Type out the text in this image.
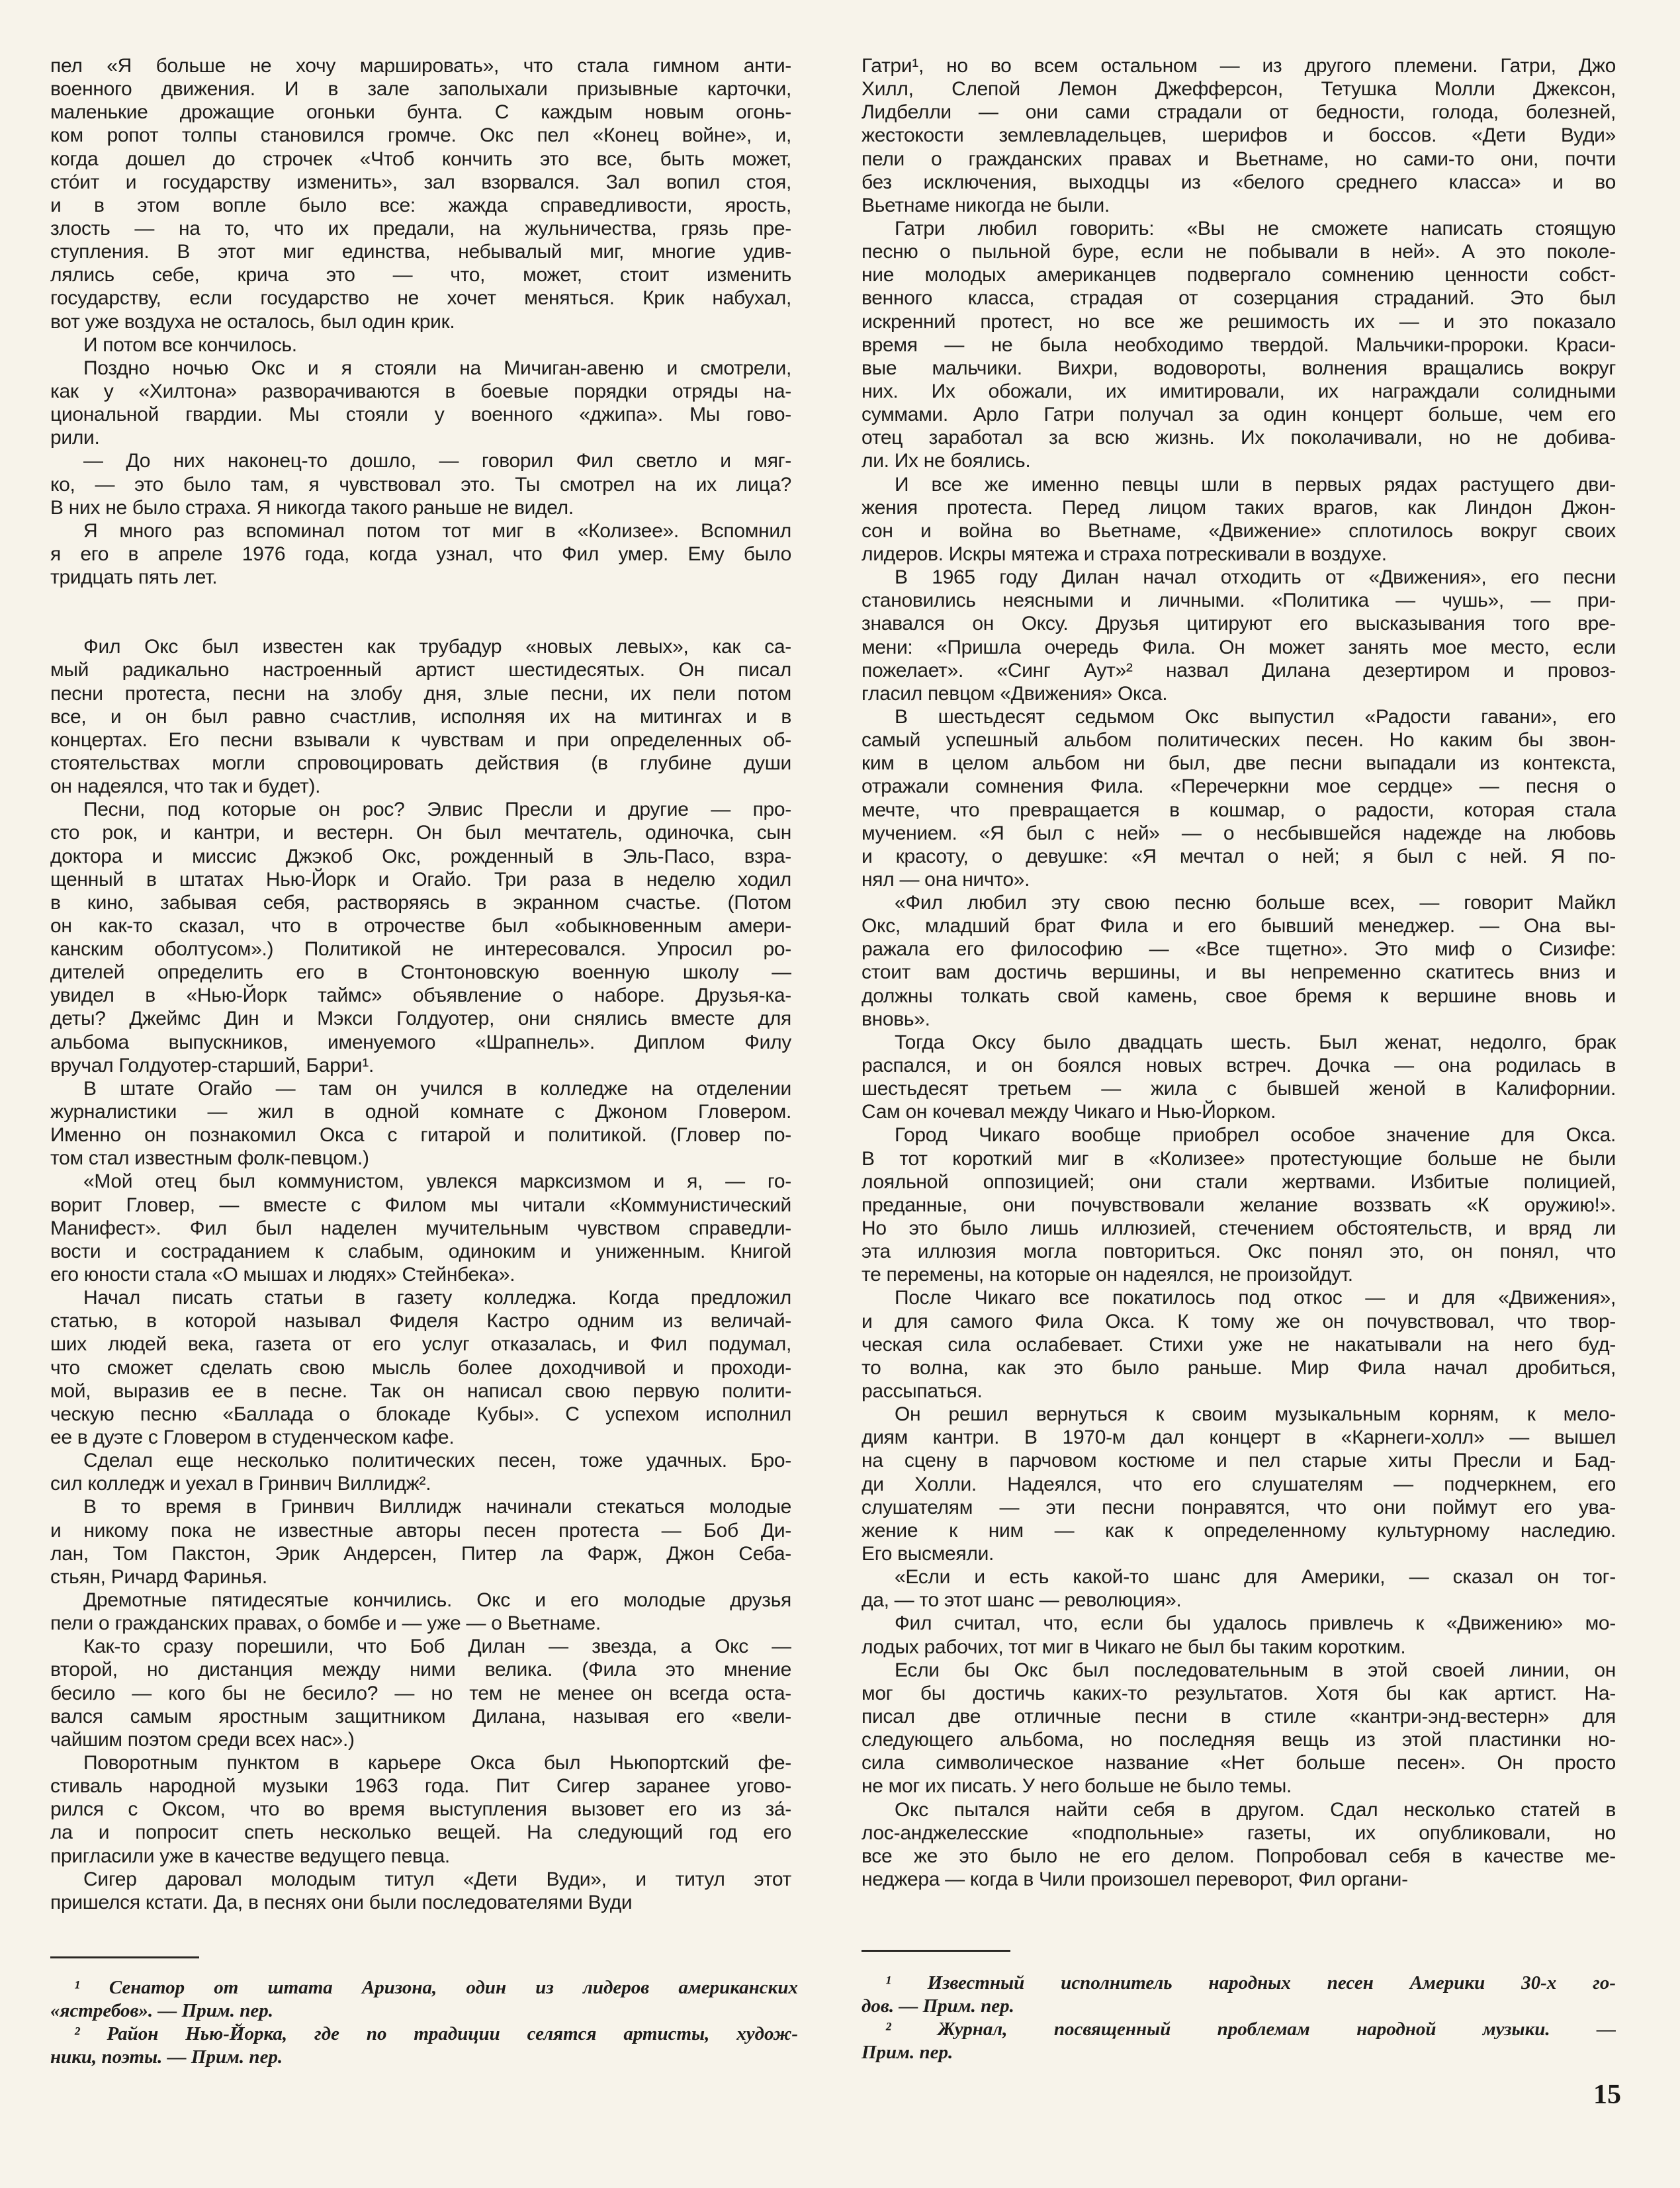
пел «Я больше не хочу маршировать», что стала гимном анти-
военного движения. И в зале заполыхали призывные карточки,
маленькие дрожащие огоньки бунта. С каждым новым огонь-
ком ропот толпы становился громче. Окс пел «Конец войне», и,
когда дошел до строчек «Чтоб кончить это все, быть может,
сто́ит и государству изменить», зал взорвался. Зал вопил стоя,
и в этом вопле было все: жажда справедливости, ярость,
злость — на то, что их предали, на жульничества, грязь пре-
ступления. В этот миг единства, небывалый миг, многие удив-
лялись себе, крича это — что, может, стоит изменить
государству, если государство не хочет меняться. Крик набухал,
вот уже воздуха не осталось, был один крик.
И потом все кончилось.
Поздно ночью Окс и я стояли на Мичиган-авеню и смотрели,
как у «Хилтона» разворачиваются в боевые порядки отряды на-
циональной гвардии. Мы стояли у военного «джипа». Мы гово-
рили.
— До них наконец-то дошло, — говорил Фил светло и мяг-
ко, — это было там, я чувствовал это. Ты смотрел на их лица?
В них не было страха. Я никогда такого раньше не видел.
Я много раз вспоминал потом тот миг в «Колизее». Вспомнил
я его в апреле 1976 года, когда узнал, что Фил умер. Ему было
тридцать пять лет.
Фил Окс был известен как трубадур «новых левых», как са-
мый радикально настроенный артист шестидесятых. Он писал
песни протеста, песни на злобу дня, злые песни, их пели потом
все, и он был равно счастлив, исполняя их на митингах и в
концертах. Его песни взывали к чувствам и при определенных об-
стоятельствах могли спровоцировать действия (в глубине души
он надеялся, что так и будет).
Песни, под которые он рос? Элвис Пресли и другие — про-
сто рок, и кантри, и вестерн. Он был мечтатель, одиночка, сын
доктора и миссис Джэкоб Окс, рожденный в Эль-Пасо, взра-
щенный в штатах Нью-Йорк и Огайо. Три раза в неделю ходил
в кино, забывая себя, растворяясь в экранном счастье. (Потом
он как-то сказал, что в отрочестве был «обыкновенным амери-
канским оболтусом».) Политикой не интересовался. Упросил ро-
дителей определить его в Стонтоновскую военную школу —
увидел в «Нью-Йорк таймс» объявление о наборе. Друзья-ка-
деты? Джеймс Дин и Мэкси Голдуотер, они снялись вместе для
альбома выпускников, именуемого «Шрапнель». Диплом Филу
вручал Голдуотер-старший, Барри¹.
В штате Огайо — там он учился в колледже на отделении
журналистики — жил в одной комнате с Джоном Гловером.
Именно он познакомил Окса с гитарой и политикой. (Гловер по-
том стал известным фолк-певцом.)
«Мой отец был коммунистом, увлекся марксизмом и я, — го-
ворит Гловер, — вместе с Филом мы читали «Коммунистический
Манифест». Фил был наделен мучительным чувством справедли-
вости и состраданием к слабым, одиноким и униженным. Книгой
его юности стала «О мышах и людях» Стейнбека».
Начал писать статьи в газету колледжа. Когда предложил
статью, в которой называл Фиделя Кастро одним из величай-
ших людей века, газета от его услуг отказалась, и Фил подумал,
что сможет сделать свою мысль более доходчивой и проходи-
мой, выразив ее в песне. Так он написал свою первую полити-
ческую песню «Баллада о блокаде Кубы». С успехом исполнил
ее в дуэте с Гловером в студенческом кафе.
Сделал еще несколько политических песен, тоже удачных. Бро-
сил колледж и уехал в Гринвич Виллидж².
В то время в Гринвич Виллидж начинали стекаться молодые
и никому пока не известные авторы песен протеста — Боб Ди-
лан, Том Пакстон, Эрик Андерсен, Питер ла Фарж, Джон Себа-
стьян, Ричард Фаринья.
Дремотные пятидесятые кончились. Окс и его молодые друзья
пели о гражданских правах, о бомбе и — уже — о Вьетнаме.
Как-то сразу порешили, что Боб Дилан — звезда, а Окс —
второй, но дистанция между ними велика. (Фила это мнение
бесило — кого бы не бесило? — но тем не менее он всегда оста-
вался самым яростным защитником Дилана, называя его «вели-
чайшим поэтом среди всех нас».)
Поворотным пунктом в карьере Окса был Ньюпортский фе-
стиваль народной музыки 1963 года. Пит Сигер заранее угово-
рился с Оксом, что во время выступления вызовет его из за́-
ла и попросит спеть несколько вещей. На следующий год его
пригласили уже в качестве ведущего певца.
Сигер даровал молодым титул «Дети Вуди», и титул этот
пришелся кстати. Да, в песнях они были последователями Вуди
¹ Сенатор от штата Аризона, один из лидеров американских
«ястребов». — Прим. пер.
² Район Нью-Йорка, где по традиции селятся артисты, худож-
ники, поэты. — Прим. пер.
Гатри¹, но во всем остальном — из другого племени. Гатри, Джо
Хилл, Слепой Лемон Джефферсон, Тетушка Молли Джексон,
Лидбелли — они сами страдали от бедности, голода, болезней,
жестокости землевладельцев, шерифов и боссов. «Дети Вуди»
пели о гражданских правах и Вьетнаме, но сами-то они, почти
без исключения, выходцы из «белого среднего класса» и во
Вьетнаме никогда не были.
Гатри любил говорить: «Вы не сможете написать стоящую
песню о пыльной буре, если не побывали в ней». А это поколе-
ние молодых американцев подвергало сомнению ценности собст-
венного класса, страдая от созерцания страданий. Это был
искренний протест, но все же решимость их — и это показало
время — не была необходимо твердой. Мальчики-пророки. Краси-
вые мальчики. Вихри, водовороты, волнения вращались вокруг
них. Их обожали, их имитировали, их награждали солидными
суммами. Арло Гатри получал за один концерт больше, чем его
отец заработал за всю жизнь. Их поколачивали, но не добива-
ли. Их не боялись.
И все же именно певцы шли в первых рядах растущего дви-
жения протеста. Перед лицом таких врагов, как Линдон Джон-
сон и война во Вьетнаме, «Движение» сплотилось вокруг своих
лидеров. Искры мятежа и страха потрескивали в воздухе.
В 1965 году Дилан начал отходить от «Движения», его песни
становились неясными и личными. «Политика — чушь», — при-
знавался он Оксу. Друзья цитируют его высказывания того вре-
мени: «Пришла очередь Фила. Он может занять мое место, если
пожелает». «Синг Аут»² назвал Дилана дезертиром и провоз-
гласил певцом «Движения» Окса.
В шестьдесят седьмом Окс выпустил «Радости гавани», его
самый успешный альбом политических песен. Но каким бы звон-
ким в целом альбом ни был, две песни выпадали из контекста,
отражали сомнения Фила. «Перечеркни мое сердце» — песня о
мечте, что превращается в кошмар, о радости, которая стала
мучением. «Я был с ней» — о несбывшейся надежде на любовь
и красоту, о девушке: «Я мечтал о ней; я был с ней. Я по-
нял — она ничто».
«Фил любил эту свою песню больше всех, — говорит Майкл
Окс, младший брат Фила и его бывший менеджер. — Она вы-
ражала его философию — «Все тщетно». Это миф о Сизифе:
стоит вам достичь вершины, и вы непременно скатитесь вниз и
должны толкать свой камень, свое бремя к вершине вновь и
вновь».
Тогда Оксу было двадцать шесть. Был женат, недолго, брак
распался, и он боялся новых встреч. Дочка — она родилась в
шестьдесят третьем — жила с бывшей женой в Калифорнии.
Сам он кочевал между Чикаго и Нью-Йорком.
Город Чикаго вообще приобрел особое значение для Окса.
В тот короткий миг в «Колизее» протестующие больше не были
лояльной оппозицией; они стали жертвами. Избитые полицией,
преданные, они почувствовали желание воззвать «К оружию!».
Но это было лишь иллюзией, стечением обстоятельств, и вряд ли
эта иллюзия могла повториться. Окс понял это, он понял, что
те перемены, на которые он надеялся, не произойдут.
После Чикаго все покатилось под откос — и для «Движения»,
и для самого Фила Окса. К тому же он почувствовал, что твор-
ческая сила ослабевает. Стихи уже не накатывали на него буд-
то волна, как это было раньше. Мир Фила начал дробиться,
рассыпаться.
Он решил вернуться к своим музыкальным корням, к мело-
диям кантри. В 1970-м дал концерт в «Карнеги-холл» — вышел
на сцену в парчовом костюме и пел старые хиты Пресли и Бад-
ди Холли. Надеялся, что его слушателям — подчеркнем, его
слушателям — эти песни понравятся, что они поймут его ува-
жение к ним — как к определенному культурному наследию.
Его высмеяли.
«Если и есть какой-то шанс для Америки, — сказал он тог-
да, — то этот шанс — революция».
Фил считал, что, если бы удалось привлечь к «Движению» мо-
лодых рабочих, тот миг в Чикаго не был бы таким коротким.
Если бы Окс был последовательным в этой своей линии, он
мог бы достичь каких-то результатов. Хотя бы как артист. На-
писал две отличные песни в стиле «кантри-энд-вестерн» для
следующего альбома, но последняя вещь из этой пластинки но-
сила символическое название «Нет больше песен». Он просто
не мог их писать. У него больше не было темы.
Окс пытался найти себя в другом. Сдал несколько статей в
лос-анджелесские «подпольные» газеты, их опубликовали, но
все же это было не его делом. Попробовал себя в качестве ме-
неджера — когда в Чили произошел переворот, Фил органи-
¹ Известный исполнитель народных песен Америки 30-х го-
дов. — Прим. пер.
² Журнал, посвященный проблемам народной музыки. —
Прим. пер.
15
